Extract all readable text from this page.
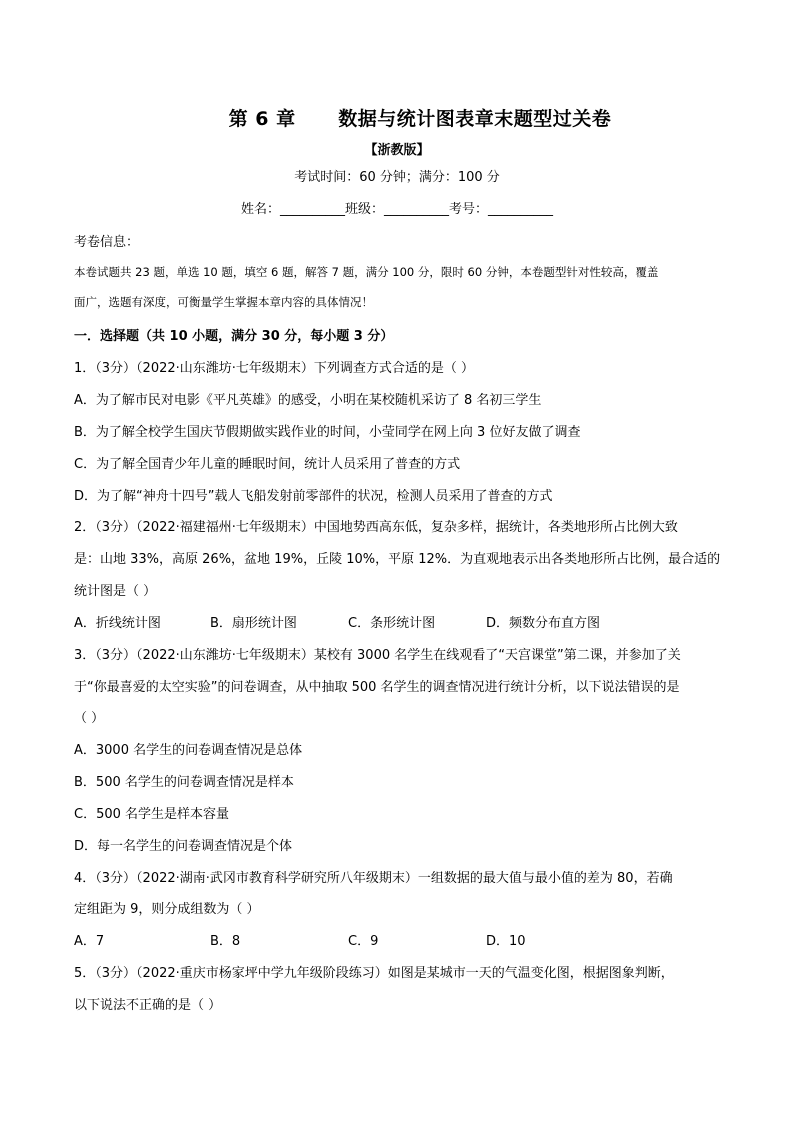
第 6 章      数据与统计图表章末题型过关卷
【浙教版】
考试时间：60 分钟；满分：100 分
姓名：__________班级：__________考号：__________
考卷信息：
本卷试题共 23 题，单选 10 题，填空 6 题，解答 7 题，满分 100 分，限时 60 分钟，本卷题型针对性较高，覆盖
面广，选题有深度，可衡量学生掌握本章内容的具体情况！
一．选择题（共 10 小题，满分 30 分，每小题 3 分）
1．（3分）（2022·山东潍坊·七年级期末）下列调查方式合适的是（ ）
A．为了解市民对电影《平凡英雄》的感受，小明在某校随机采访了 8 名初三学生
B．为了解全校学生国庆节假期做实践作业的时间，小莹同学在网上向 3 位好友做了调查
C．为了解全国青少年儿童的睡眠时间，统计人员采用了普查的方式
D．为了解“神舟十四号”载人飞船发射前零部件的状况，检测人员采用了普查的方式
2．（3分）（2022·福建福州·七年级期末）中国地势西高东低，复杂多样，据统计，各类地形所占比例大致
是：山地 33%，高原 26%，盆地 19%，丘陵 10%，平原 12%．为直观地表示出各类地形所占比例，最合适的
统计图是（ ）
A．折线统计图	B．扇形统计图	C．条形统计图	D．频数分布直方图
3．（3分）（2022·山东潍坊·七年级期末）某校有 3000 名学生在线观看了“天宫课堂”第二课，并参加了关
于“你最喜爱的太空实验”的问卷调查，从中抽取 500 名学生的调查情况进行统计分析，以下说法错误的是
（ ）
A．3000 名学生的问卷调查情况是总体
B．500 名学生的问卷调查情况是样本
C．500 名学生是样本容量
D．每一名学生的问卷调查情况是个体
4．（3分）（2022·湖南·武冈市教育科学研究所八年级期末）一组数据的最大值与最小值的差为 80，若确
定组距为 9，则分成组数为（ ）
A．7	B．8	C．9	D．10
5．（3分）（2022·重庆市杨家坪中学九年级阶段练习）如图是某城市一天的气温变化图，根据图象判断，
以下说法不正确的是（ ）
